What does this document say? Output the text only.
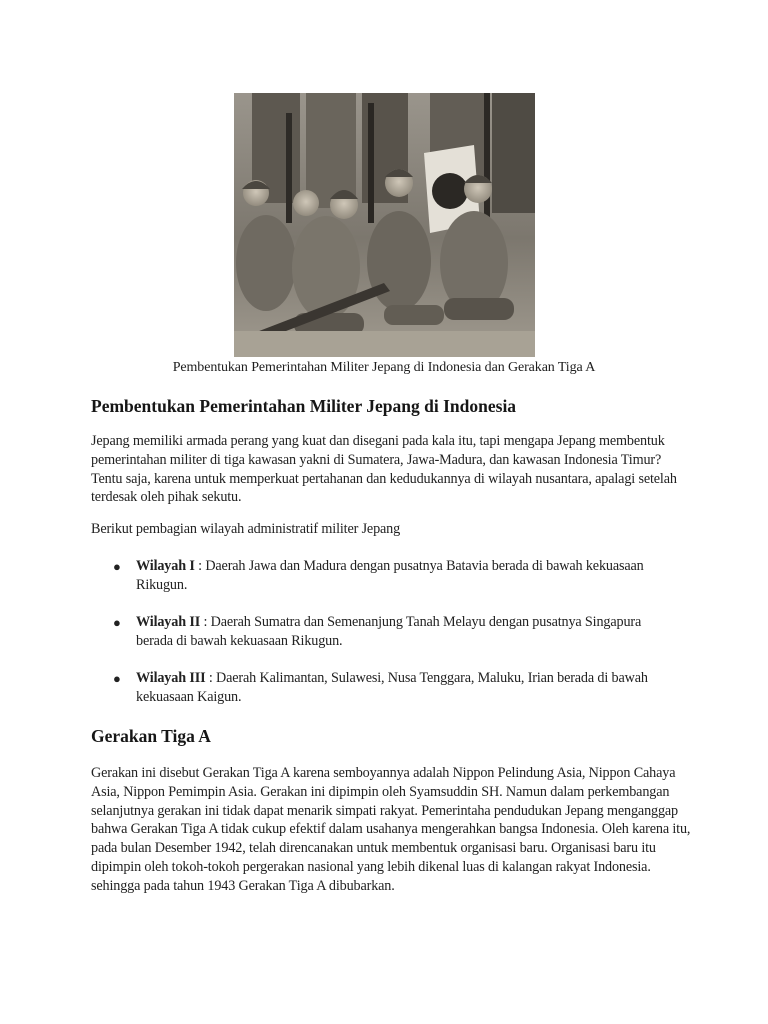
Pembentukan Pemerintahan Militer Jepang di Indonesia dan Gerakan Tiga A
Pembentukan Pemerintahan Militer Jepang di Indonesia

Jepang memiliki armada perang yang kuat dan disegani pada kala itu, tapi mengapa Jepang membentuk pemerintahan militer di tiga kawasan yakni di Sumatera, Jawa-Madura, dan kawasan Indonesia Timur? Tentu saja, karena untuk memperkuat pertahanan dan kedudukannya di wilayah nusantara, apalagi setelah terdesak oleh pihak sekutu.

Berikut pembagian wilayah administratif militer Jepang

● Wilayah I : Daerah Jawa dan Madura dengan pusatnya Batavia berada di bawah kekuasaan Rikugun.
● Wilayah II : Daerah Sumatra dan Semenanjung Tanah Melayu dengan pusatnya Singapura berada di bawah kekuasaan Rikugun.
● Wilayah III : Daerah Kalimantan, Sulawesi, Nusa Tenggara, Maluku, Irian berada di bawah kekuasaan Kaigun.
Gerakan Tiga A

Gerakan ini disebut Gerakan Tiga A karena semboyannya adalah Nippon Pelindung Asia, Nippon Cahaya Asia, Nippon Pemimpin Asia. Gerakan ini dipimpin oleh Syamsuddin SH. Namun dalam perkembangan selanjutnya gerakan ini tidak dapat menarik simpati rakyat. Pemerintaha pendudukan Jepang menganggap bahwa Gerakan Tiga A tidak cukup efektif dalam usahanya mengerahkan bangsa Indonesia. Oleh karena itu, pada bulan Desember 1942, telah direncanakan untuk membentuk organisasi baru. Organisasi baru itu dipimpin oleh tokoh-tokoh pergerakan nasional yang lebih dikenal luas di kalangan rakyat Indonesia. sehingga pada tahun 1943 Gerakan Tiga A dibubarkan.
